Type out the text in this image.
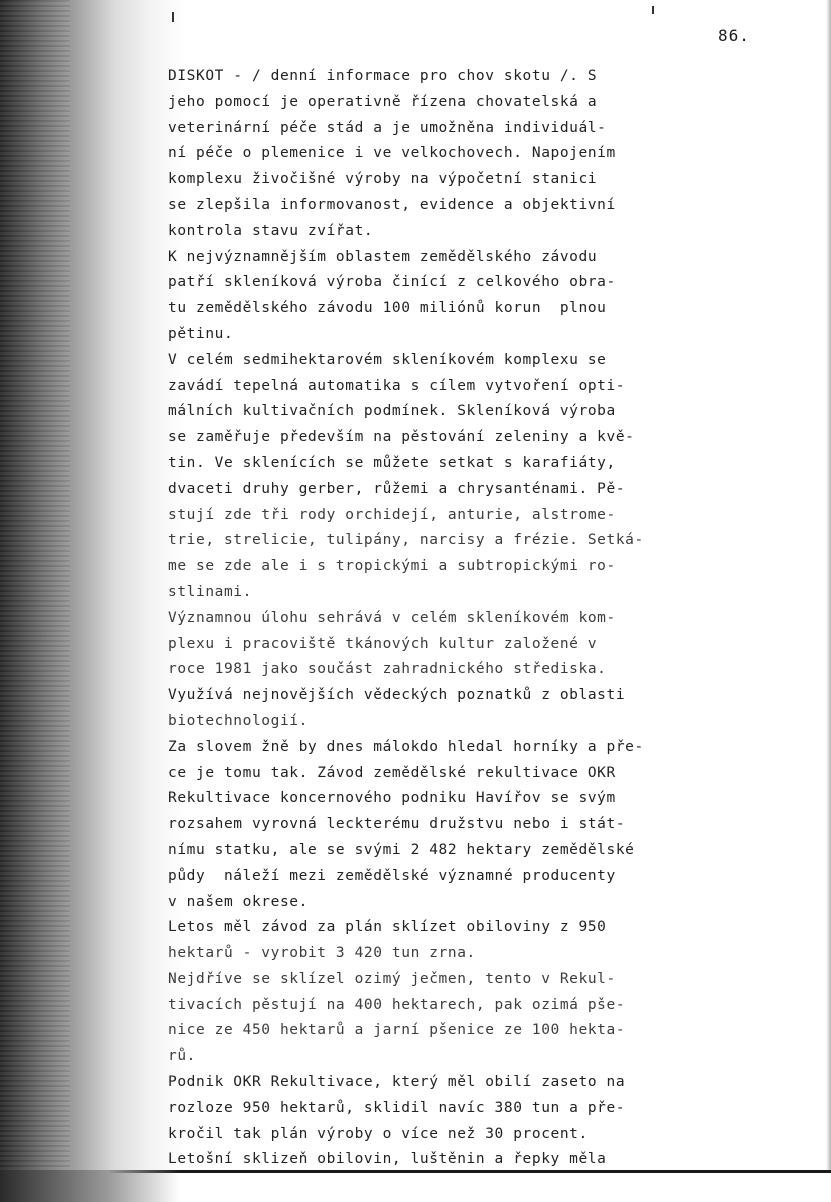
86.
DISKOT - / denní informace pro chov skotu /. S
jeho pomocí je operativně řízena chovatelská a
veterinární péče stád a je umožněna individuál-
ní péče o plemenice i ve velkochovech. Napojením
komplexu živočišné výroby na výpočetní stanici
se zlepšila informovanost, evidence a objektivní
kontrola stavu zvířat.
K nejvýznamnějším oblastem zemědělského závodu
patří skleníková výroba činící z celkového obra-
tu zemědělského závodu 100 miliónů korun  plnou
pětinu.
V celém sedmihektarovém skleníkovém komplexu se
zavádí tepelná automatika s cílem vytvoření opti-
málních kultivačních podmínek. Skleníková výroba
se zaměřuje především na pěstování zeleniny a kvě-
tin. Ve sklenících se můžete setkat s karafiáty,
dvaceti druhy gerber, růžemi a chrysanténami. Pě-
stují zde tři rody orchidejí, anturie, alstrome-
trie, strelicie, tulipány, narcisy a frézie. Setká-
me se zde ale i s tropickými a subtropickými ro-
stlinami.
Významnou úlohu sehrává v celém skleníkovém kom-
plexu i pracoviště tkánových kultur založené v
roce 1981 jako součást zahradnického střediska.
Využívá nejnovějších vědeckých poznatků z oblasti
biotechnologií.
Za slovem žně by dnes málokdo hledal horníky a pře-
ce je tomu tak. Závod zemědělské rekultivace OKR
Rekultivace koncernového podniku Havířov se svým
rozsahem vyrovná leckterému družstvu nebo i stát-
nímu statku, ale se svými 2 482 hektary zemědělské
půdy  náleží mezi zemědělské významné producenty
v našem okrese.
Letos měl závod za plán sklízet obiloviny z 950
hektarů - vyrobit 3 420 tun zrna.
Nejdříve se sklízel ozimý ječmen, tento v Rekul-
tivacích pěstují na 400 hektarech, pak ozimá pše-
nice ze 450 hektarů a jarní pšenice ze 100 hekta-
rů.
Podnik OKR Rekultivace, který měl obilí zaseto na
rozloze 950 hektarů, sklidil navíc 380 tun a pře-
kročil tak plán výroby o více než 30 procent.
Letošní sklizeň obilovin, luštěnin a řepky měla
